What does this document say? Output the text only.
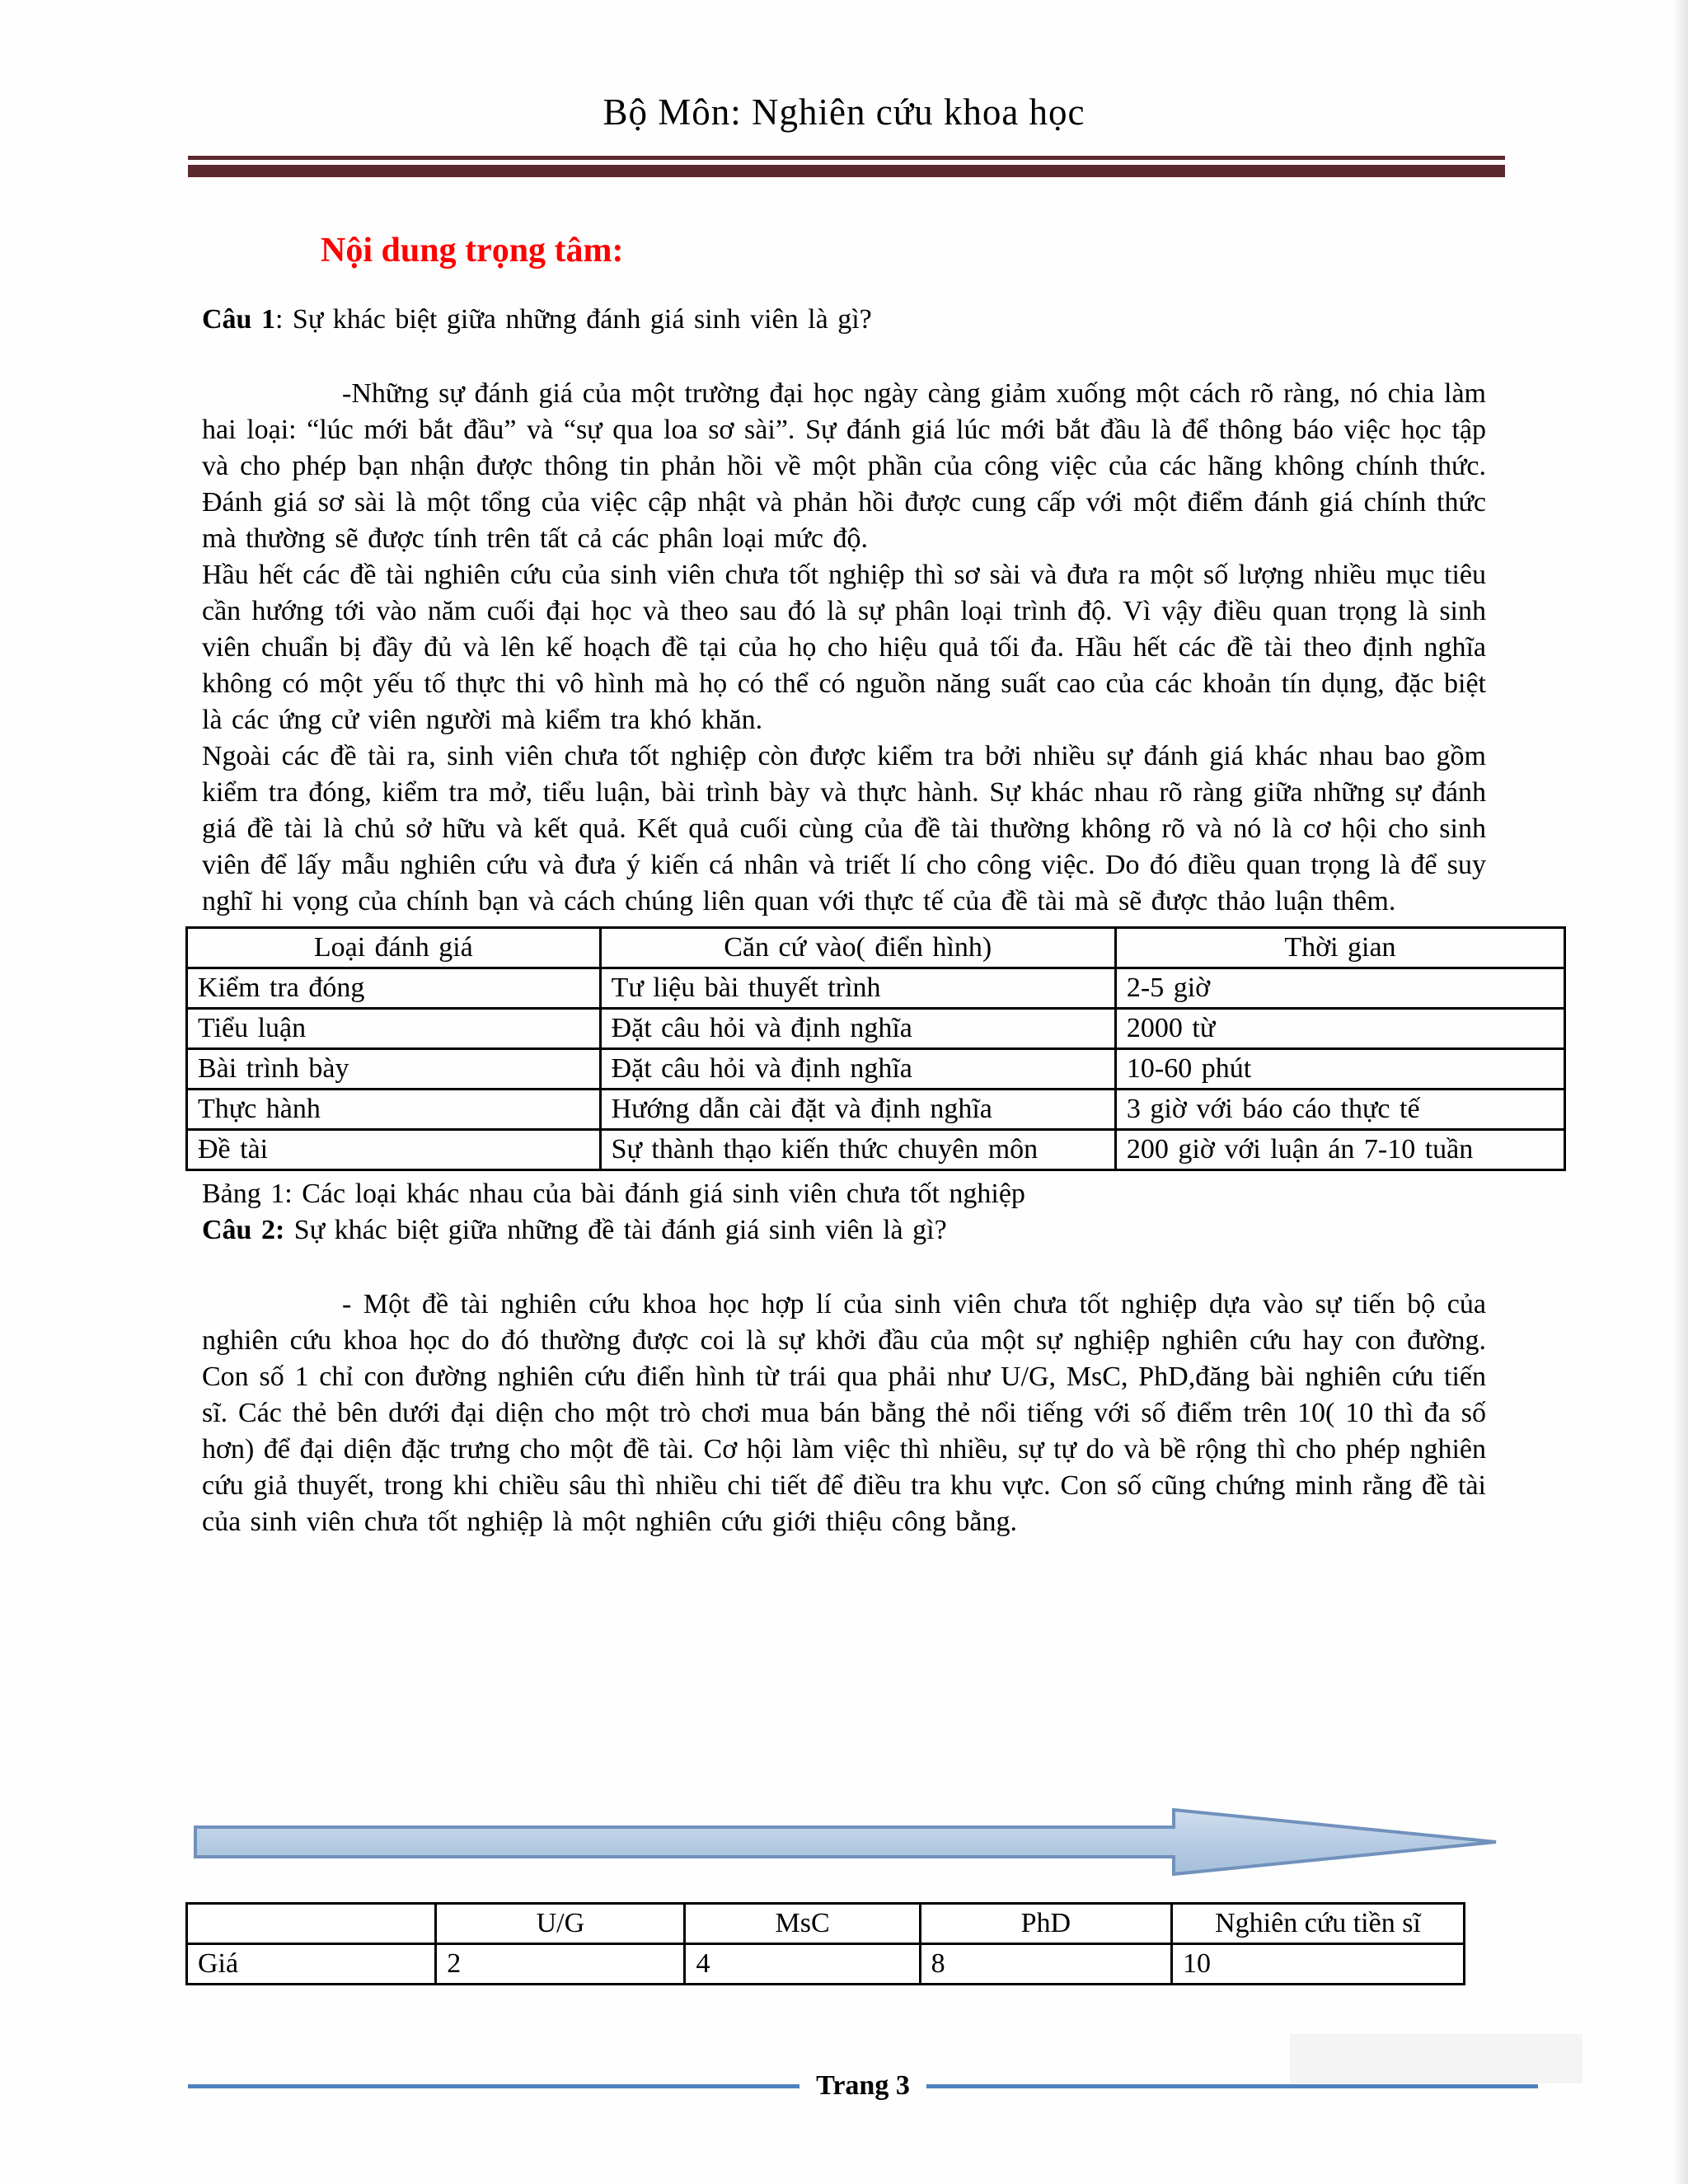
Bộ Môn: Nghiên cứu khoa học
Nội dung trọng tâm:

Câu 1: Sự khác biệt giữa những đánh giá sinh viên là gì?

-Những sự đánh giá của một trường đại học ngày càng giảm xuống một cách rõ ràng, nó chia làm hai loại: “lúc mới bắt đầu” và “sự qua loa sơ sài”. Sự đánh giá lúc mới bắt đầu là để thông báo việc học tập và cho phép bạn nhận được thông tin phản hồi về một phần của công việc của các hãng không chính thức. Đánh giá sơ sài là một tổng của việc cập nhật và phản hồi được cung cấp với một điểm đánh giá chính thức mà thường sẽ được tính trên tất cả các phân loại mức độ.

Hầu hết các đề tài nghiên cứu của sinh viên chưa tốt nghiệp thì sơ sài và đưa ra một số lượng nhiều mục tiêu cần hướng tới vào năm cuối đại học và theo sau đó là sự phân loại trình độ. Vì vậy điều quan trọng là sinh viên chuẩn bị đầy đủ và lên kế hoạch đề tại của họ cho hiệu quả tối đa. Hầu hết các đề tài theo định nghĩa không có một yếu tố thực thi vô hình mà họ có thể có nguồn năng suất cao của các khoản tín dụng, đặc biệt là các ứng cử viên người mà kiểm tra khó khăn.

Ngoài các đề tài ra, sinh viên chưa tốt nghiệp còn được kiểm tra bởi nhiều sự đánh giá khác nhau bao gồm kiểm tra đóng, kiểm tra mở, tiểu luận, bài trình bày và thực hành. Sự khác nhau rõ ràng giữa những sự đánh giá đề tài là chủ sở hữu và kết quả. Kết quả cuối cùng của đề tài thường không rõ và nó là cơ hội cho sinh viên để lấy mẫu nghiên cứu và đưa ý kiến cá nhân và triết lí cho công việc. Do đó điều quan trọng là để suy nghĩ hi vọng của chính bạn và cách chúng liên quan với thực tế của đề tài mà sẽ được thảo luận thêm.

Loại đánh giá	Căn cứ vào( điển hình)	Thời gian
Kiểm tra đóng	Tư liệu bài thuyết trình	2-5 giờ
Tiểu luận	Đặt câu hỏi và định nghĩa	2000 từ
Bài trình bày	Đặt câu hỏi và định nghĩa	10-60 phút
Thực hành	Hướng dẫn cài đặt và định nghĩa	3 giờ với báo cáo thực tế
Đề tài	Sự thành thạo kiến thức chuyên môn	200 giờ với luận án 7-10 tuần

Bảng 1: Các loại khác nhau của bài đánh giá sinh viên chưa tốt nghiệp

Câu 2: Sự khác biệt giữa những đề tài đánh giá sinh viên là gì?

- Một đề tài nghiên cứu khoa học hợp lí của sinh viên chưa tốt nghiệp dựa vào sự tiến bộ của nghiên cứu khoa học do đó thường được coi là sự khởi đầu của một sự nghiệp nghiên cứu hay con đường. Con số 1 chỉ con đường nghiên cứu điển hình từ trái qua phải như U/G, MsC, PhD,đăng bài nghiên cứu tiến sĩ. Các thẻ bên dưới đại diện cho một trò chơi mua bán bằng thẻ nổi tiếng với số điểm trên 10( 10 thì đa số hơn) để đại diện đặc trưng cho một đề tài. Cơ hội làm việc thì nhiều, sự tự do và bề rộng thì cho phép nghiên cứu giả thuyết, trong khi chiều sâu thì nhiều chi tiết để điều tra khu vực. Con số cũng chứng minh rằng đề tài của sinh viên chưa tốt nghiệp là một nghiên cứu giới thiệu công bằng.

	U/G	MsC	PhD	Nghiên cứu tiền sĩ
Giá	2	4	8	10
Trang 3
